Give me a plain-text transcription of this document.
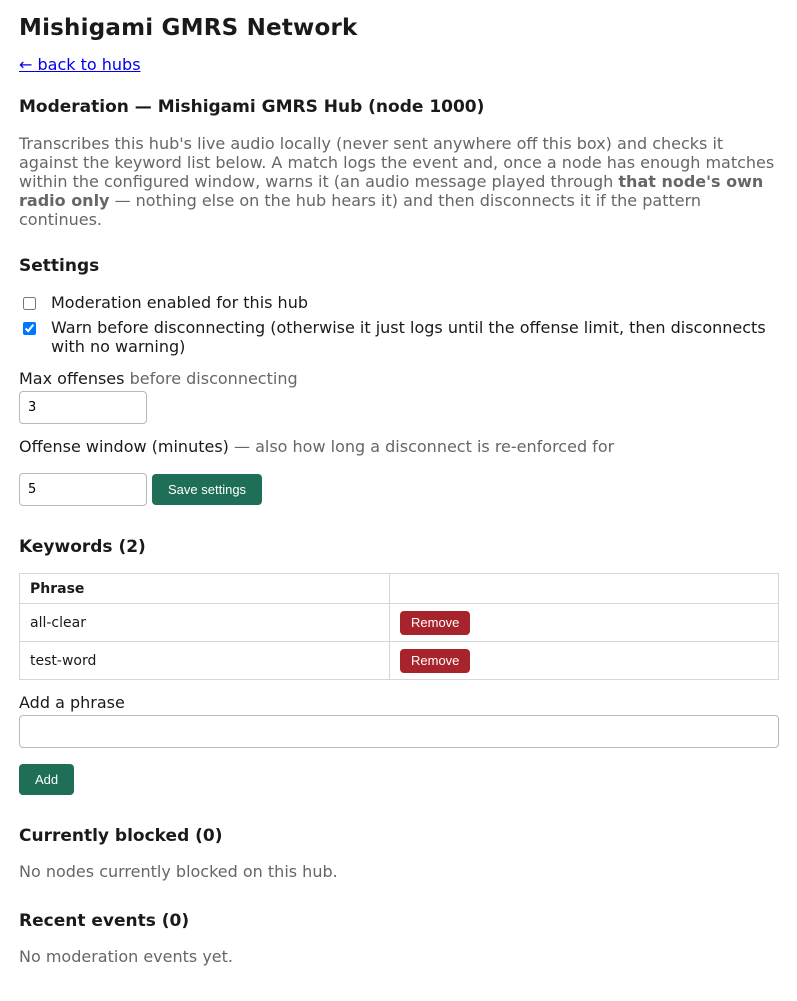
Mishigami GMRS Network
← back to hubs
Moderation — Mishigami GMRS Hub (node 1000)

Transcribes this hub's live audio locally (never sent anywhere off this box) and checks it against the keyword list below. A match logs the event and, once a node has enough matches within the configured window, warns it (an audio message played through that node's own radio only — nothing else on the hub hears it) and then disconnects it if the pattern continues.

Settings
Moderation enabled for this hub
Warn before disconnecting (otherwise it just logs until the offense limit, then disconnects with no warning)
Max offenses before disconnecting
3
Offense window (minutes) — also how long a disconnect is re-enforced for
5
Save settings
Keywords (2)
Phrase	
all-clear	Remove
test-word	Remove
Add a phrase
Add
Currently blocked (0)
No nodes currently blocked on this hub.
Recent events (0)
No moderation events yet.
